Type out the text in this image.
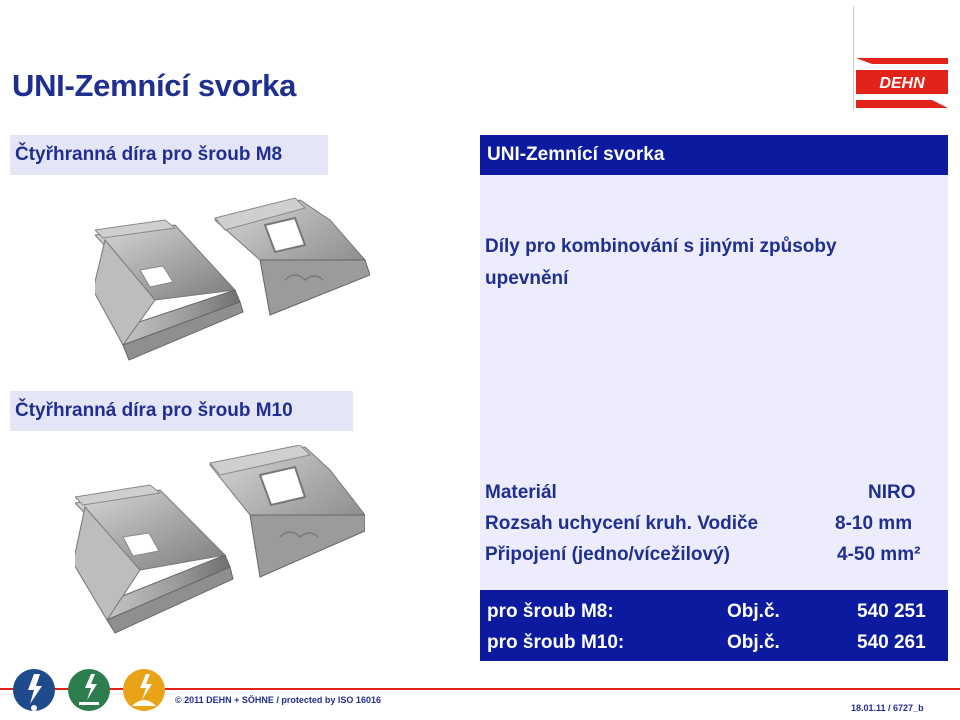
UNI-Zemnící svorka	DEHN
Čtyřhranná díra pro šroub M8
Čtyřhranná díra pro šroub M10
UNI-Zemnící svorka
Díly pro kombinování s jinými způsoby
upevnění
Materiál	NIRO
Rozsah uchycení kruh. Vodiče	8-10 mm
Připojení (jedno/vícežilový)	4-50 mm²
pro šroub M8:	Obj.č.	540 251
pro šroub M10:	Obj.č.	540 261
© 2011 DEHN + SÖHNE / protected by ISO 16016
18.01.11 / 6727_b
